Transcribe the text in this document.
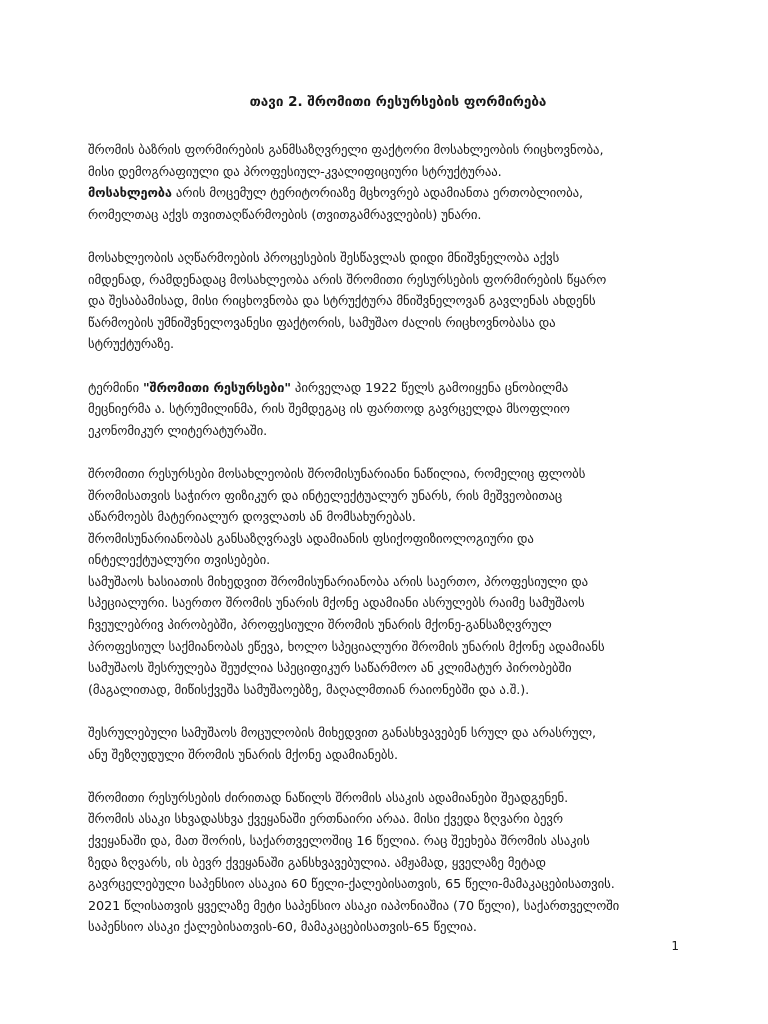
თავი 2. შრომითი რესურსების ფორმირება
შრომის ბაზრის ფორმირების განმსაზღვრელი ფაქტორი მოსახლეობის რიცხოვნობა,
მისი დემოგრაფიული და პროფესიულ-კვალიფიციური სტრუქტურაა.
მოსახლეობა არის მოცემულ ტერიტორიაზე მცხოვრებ ადამიანთა ერთობლიობა,
რომელთაც აქვს თვითაღწარმოების (თვითგამრავლების) უნარი.
მოსახლეობის აღწარმოების პროცესების შესწავლას დიდი მნიშვნელობა აქვს
იმდენად, რამდენადაც მოსახლეობა არის შრომითი რესურსების ფორმირების წყარო
და შესაბამისად, მისი რიცხოვნობა და სტრუქტურა მნიშვნელოვან გავლენას ახდენს
წარმოების უმნიშვნელოვანესი ფაქტორის, სამუშაო ძალის რიცხოვნობასა და
სტრუქტურაზე.
ტერმინი "შრომითი რესურსები" პირველად 1922 წელს გამოიყენა ცნობილმა
მეცნიერმა ა. სტრუმილინმა, რის შემდეგაც ის ფართოდ გავრცელდა მსოფლიო
ეკონომიკურ ლიტერატურაში.
შრომითი რესურსები მოსახლეობის შრომისუნარიანი ნაწილია, რომელიც ფლობს
შრომისათვის საჭირო ფიზიკურ და ინტელექტუალურ უნარს, რის მეშვეობითაც
აწარმოებს მატერიალურ დოვლათს ან მომსახურებას.
შრომისუნარიანობას განსაზღვრავს ადამიანის ფსიქოფიზიოლოგიური და
ინტელექტუალური თვისებები.
სამუშაოს ხასიათის მიხედვით შრომისუნარიანობა არის საერთო, პროფესიული და
სპეციალური. საერთო შრომის უნარის მქონე ადამიანი ასრულებს რაიმე სამუშაოს
ჩვეულებრივ პირობებში, პროფესიული შრომის უნარის მქონე-განსაზღვრულ
პროფესიულ საქმიანობას ეწევა, ხოლო სპეციალური შრომის უნარის მქონე ადამიანს
სამუშაოს შესრულება შეუძლია სპეციფიკურ საწარმოო ან კლიმატურ პირობებში
(მაგალითად, მიწისქვეშა სამუშაოებზე, მაღალმთიან რაიონებში და ა.შ.).
შესრულებული სამუშაოს მოცულობის მიხედვით განასხვავებენ სრულ და არასრულ,
ანუ შეზღუდული შრომის უნარის მქონე ადამიანებს.
შრომითი რესურსების ძირითად ნაწილს შრომის ასაკის ადამიანები შეადგენენ.
შრომის ასაკი სხვადასხვა ქვეყანაში ერთნაირი არაა. მისი ქვედა ზღვარი ბევრ
ქვეყანაში და, მათ შორის, საქართველოშიც 16 წელია. რაც შეეხება შრომის ასაკის
ზედა ზღვარს, ის ბევრ ქვეყანაში განსხვავებულია. ამჟამად, ყველაზე მეტად
გავრცელებული საპენსიო ასაკია 60 წელი-ქალებისათვის, 65 წელი-მამაკაცებისათვის.
2021 წლისათვის ყველაზე მეტი საპენსიო ასაკი იაპონიაშია (70 წელი), საქართველოში
საპენსიო ასაკი ქალებისათვის-60, მამაკაცებისათვის-65 წელია.
1
